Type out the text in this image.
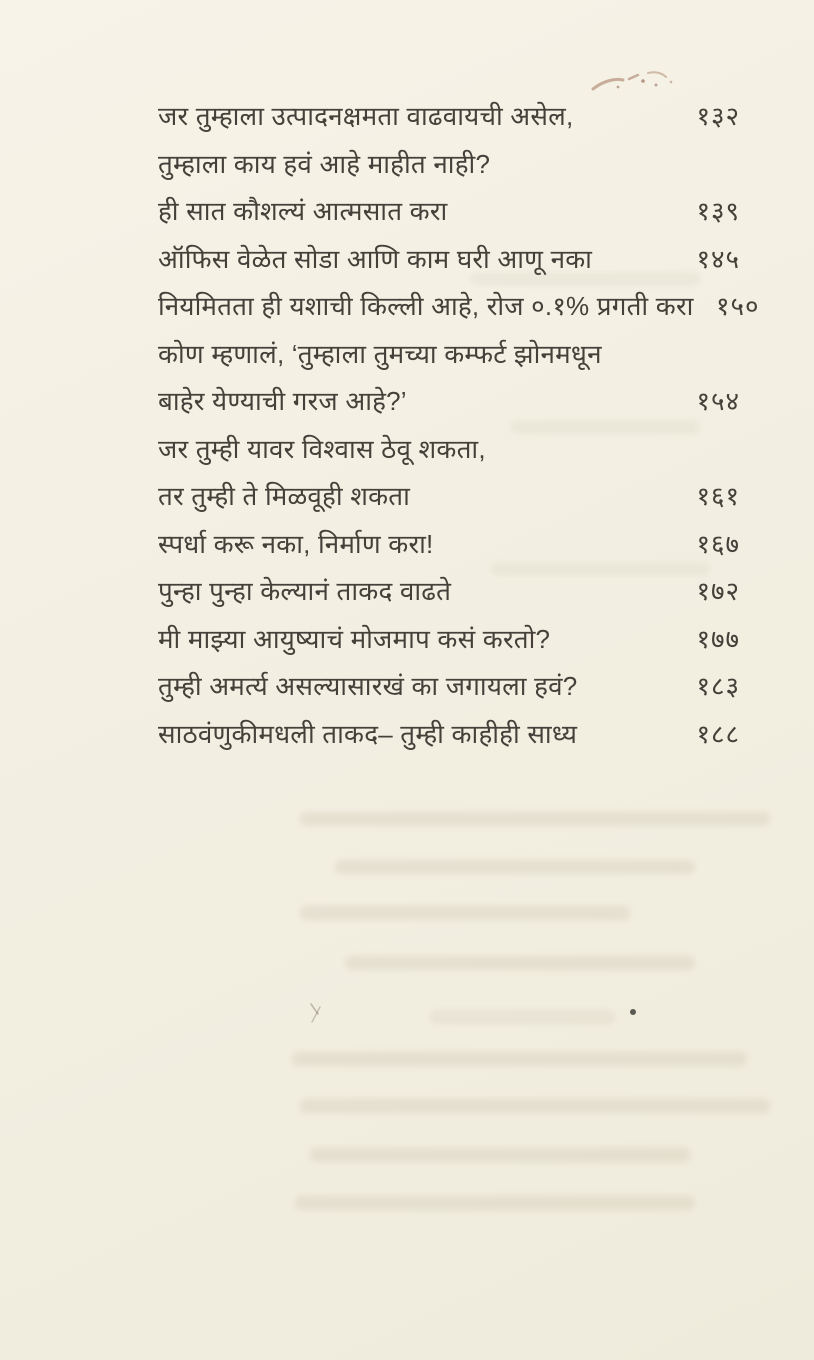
जर तुम्हाला उत्पादनक्षमता वाढवायची असेल,	१३२
तुम्हाला काय हवं आहे माहीत नाही?
ही सात कौशल्यं आत्मसात करा	१३९
ऑफिस वेळेत सोडा आणि काम घरी आणू नका	१४५
नियमितता ही यशाची किल्ली आहे, रोज ०.१% प्रगती करा १५०
कोण म्हणालं, ‘तुम्हाला तुमच्या कम्फर्ट झोनमधून
बाहेर येण्याची गरज आहे?’	१५४
जर तुम्ही यावर विश्वास ठेवू शकता,
तर तुम्ही ते मिळवूही शकता	१६१
स्पर्धा करू नका, निर्माण करा!	१६७
पुन्हा पुन्हा केल्यानं ताकद वाढते	१७२
मी माझ्या आयुष्याचं मोजमाप कसं करतो?	१७७
तुम्ही अमर्त्य असल्यासारखं का जगायला हवं?	१८३
साठवंणुकीमधली ताकद– तुम्ही काहीही साध्य	१८८
